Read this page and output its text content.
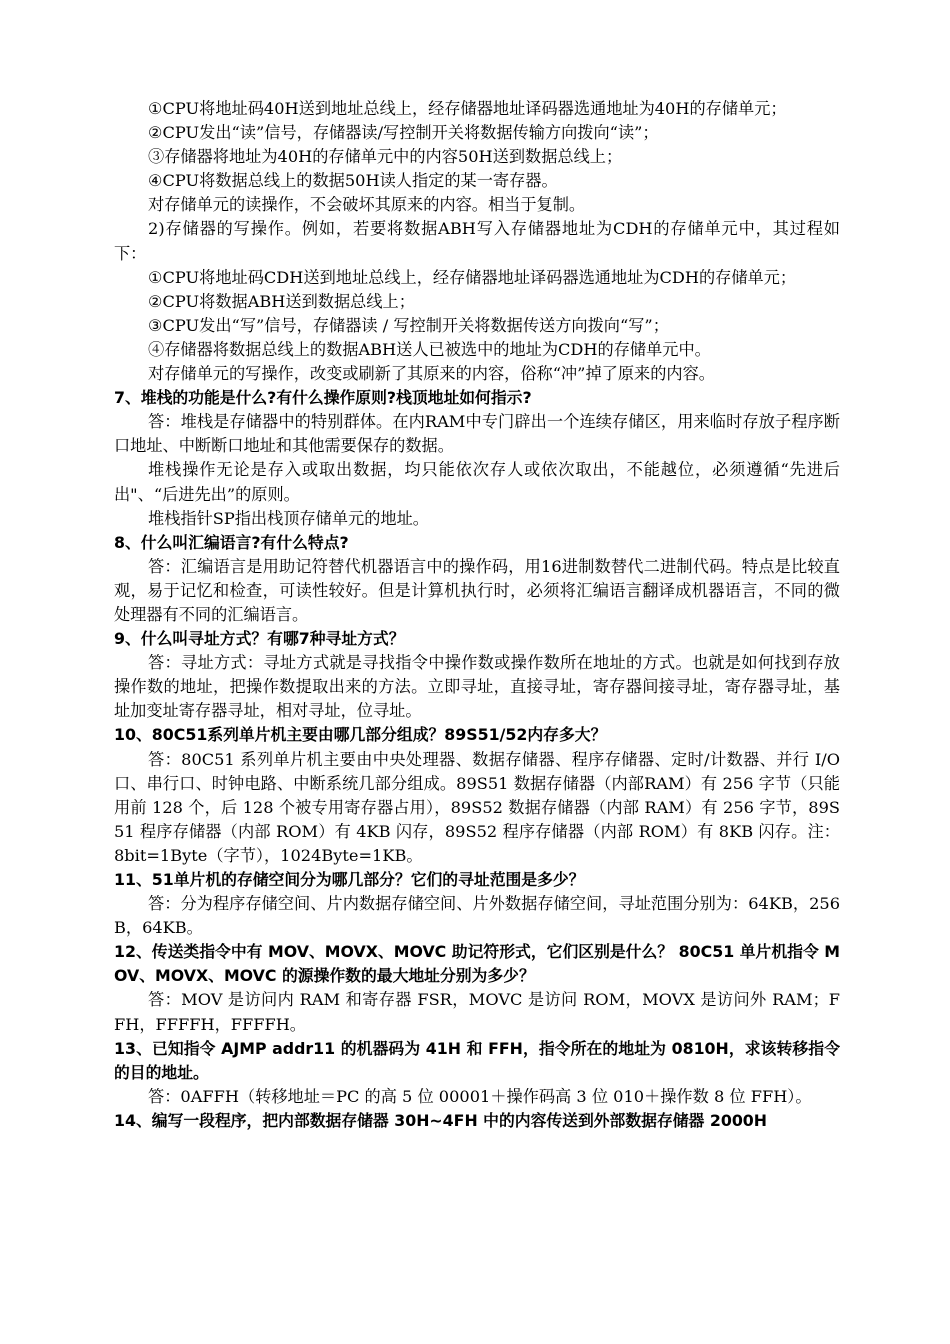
①CPU将地址码40H送到地址总线上，经存储器地址译码器选通地址为40H的存储单元；

②CPU发出“读”信号，存储器读/写控制开关将数据传输方向拨向“读”；

③存储器将地址为40H的存储单元中的内容50H送到数据总线上；

④CPU将数据总线上的数据50H读人指定的某一寄存器。

对存储单元的读操作，不会破坏其原来的内容。相当于复制。

2)存储器的写操作。例如，若要将数据ABH写入存储器地址为CDH的存储单元中，其过程如下：

①CPU将地址码CDH送到地址总线上，经存储器地址译码器选通地址为CDH的存储单元；

②CPU将数据ABH送到数据总线上；

③CPU发出“写”信号，存储器读 / 写控制开关将数据传送方向拨向“写”；

④存储器将数据总线上的数据ABH送人已被选中的地址为CDH的存储单元中。

对存储单元的写操作，改变或刷新了其原来的内容，俗称“冲”掉了原来的内容。

7、堆栈的功能是什么?有什么操作原则?栈顶地址如何指示?

答：堆栈是存储器中的特别群体。在内RAM中专门辟出一个连续存储区，用来临时存放子程序断口地址、中断断口地址和其他需要保存的数据。

堆栈操作无论是存入或取出数据，均只能依次存人或依次取出，不能越位，必须遵循“先进后出"、“后进先出”的原则。

堆栈指针SP指出栈顶存储单元的地址。

8、什么叫汇编语言?有什么特点?

答：汇编语言是用助记符替代机器语言中的操作码，用16进制数替代二进制代码。特点是比较直观，易于记忆和检查，可读性较好。但是计算机执行时，必须将汇编语言翻译成机器语言，不同的微处理器有不同的汇编语言。

9、什么叫寻址方式？有哪7种寻址方式？

答：寻址方式：寻址方式就是寻找指令中操作数或操作数所在地址的方式。也就是如何找到存放操作数的地址，把操作数提取出来的方法。立即寻址，直接寻址，寄存器间接寻址，寄存器寻址，基址加变址寄存器寻址，相对寻址，位寻址。

10、80C51系列单片机主要由哪几部分组成？89S51/52内存多大？

答：80C51 系列单片机主要由中央处理器、数据存储器、程序存储器、定时/计数器、并行 I/O 口、串行口、时钟电路、中断系统几部分组成。89S51 数据存储器（内部RAM）有 256 字节（只能用前 128 个，后 128 个被专用寄存器占用），89S52 数据存储器（内部 RAM）有 256 字节，89S51 程序存储器（内部 ROM）有 4KB 闪存，89S52 程序存储器（内部 ROM）有 8KB 闪存。注：8bit=1Byte（字节），1024Byte=1KB。

11、51单片机的存储空间分为哪几部分？它们的寻址范围是多少？

答：分为程序存储空间、片内数据存储空间、片外数据存储空间，寻址范围分别为：64KB，256B，64KB。

12、传送类指令中有 MOV、MOVX、MOVC 助记符形式，它们区别是什么？ 80C51 单片机指令 MOV、MOVX、MOVC 的源操作数的最大地址分别为多少？

答：MOV 是访问内 RAM 和寄存器 FSR，MOVC 是访问 ROM，MOVX 是访问外 RAM；FFH，FFFFH，FFFFH。

13、已知指令 AJMP addr11 的机器码为 41H 和 FFH，指令所在的地址为 0810H，求该转移指令的目的地址。

答：0AFFH（转移地址＝PC 的高 5 位 00001＋操作码高 3 位 010＋操作数 8 位 FFH）。

14、编写一段程序，把内部数据存储器 30H~4FH 中的内容传送到外部数据存储器 2000H
